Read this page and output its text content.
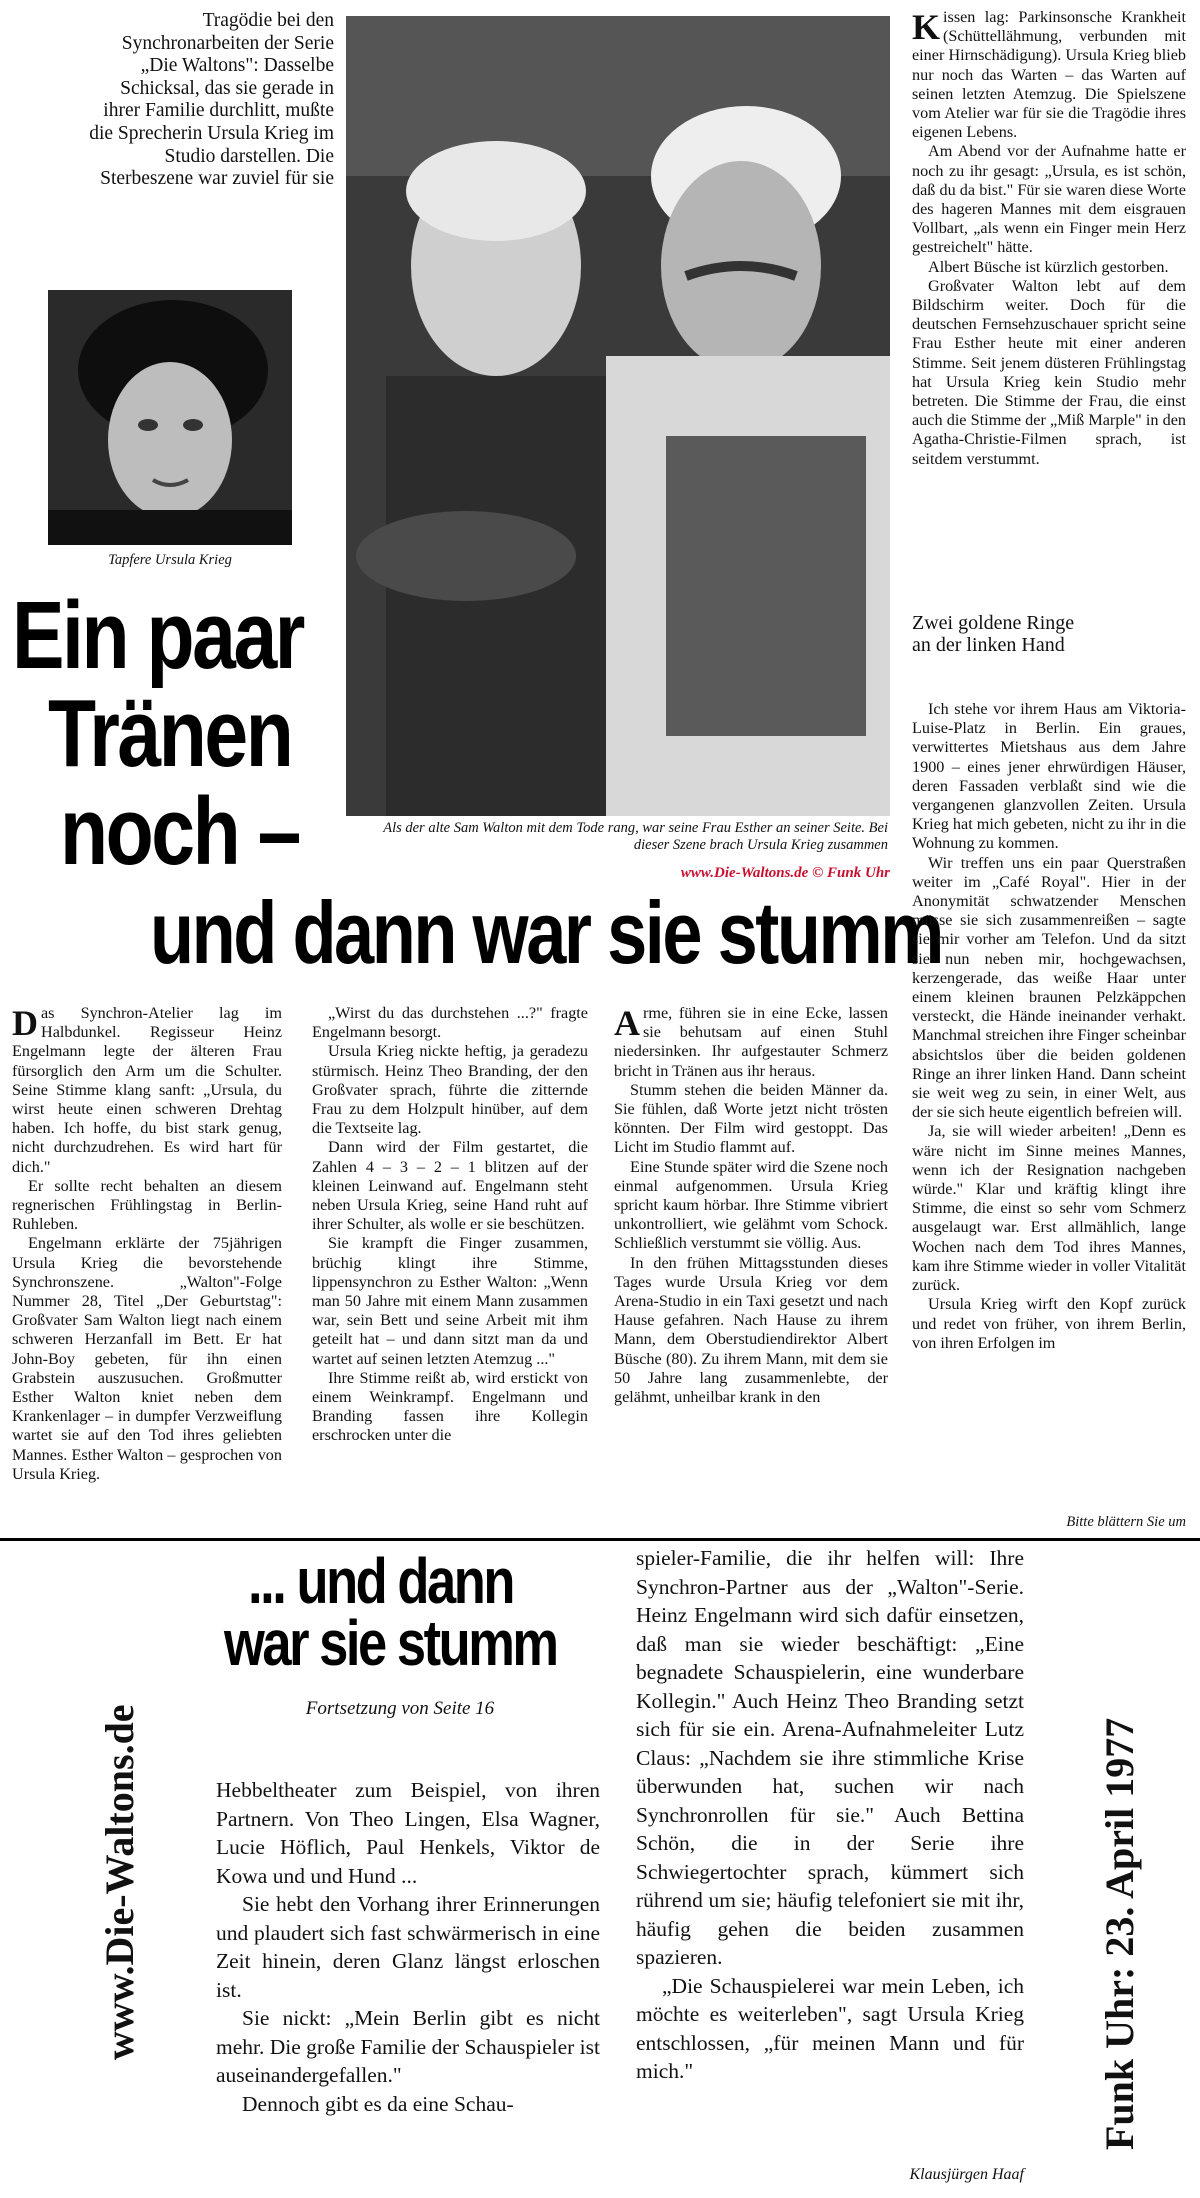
Tragödie bei den Synchronarbeiten der Serie „Die Waltons": Dasselbe Schicksal, das sie gerade in ihrer Familie durchlitt, mußte die Sprecherin Ursula Krieg im Studio darstellen. Die Sterbeszene war zuviel für sie
Tapfere Ursula Krieg
Als der alte Sam Walton mit dem Tode rang, war seine Frau Esther an seiner Seite. Bei dieser Szene brach Ursula Krieg zusammen
www.Die-Waltons.de © Funk Uhr
Ein paar
Tränen
noch –
und dann war sie stumm

Kissen lag: Parkinsonsche Krankheit (Schüttellähmung, verbunden mit einer Hirnschädigung). Ursula Krieg blieb nur noch das Warten – das Warten auf seinen letzten Atemzug. Die Spielszene vom Atelier war für sie die Tragödie ihres eigenen Lebens.

Am Abend vor der Aufnahme hatte er noch zu ihr gesagt: „Ursula, es ist schön, daß du da bist." Für sie waren diese Worte des hageren Mannes mit dem eisgrauen Vollbart, „als wenn ein Finger mein Herz gestreichelt" hätte.

Albert Büsche ist kürzlich gestorben.

Großvater Walton lebt auf dem Bildschirm weiter. Doch für die deutschen Fernsehzuschauer spricht seine Frau Esther heute mit einer anderen Stimme. Seit jenem düsteren Frühlingstag hat Ursula Krieg kein Studio mehr betreten. Die Stimme der Frau, die einst auch die Stimme der „Miß Marple" in den Agatha-Christie-Filmen sprach, ist seitdem verstummt.

Zwei goldene Ringe an der linken Hand

Ich stehe vor ihrem Haus am Viktoria-Luise-Platz in Berlin. Ein graues, verwittertes Mietshaus aus dem Jahre 1900 – eines jener ehrwürdigen Häuser, deren Fassaden verblaßt sind wie die vergangenen glanzvollen Zeiten. Ursula Krieg hat mich gebeten, nicht zu ihr in die Wohnung zu kommen.

Wir treffen uns ein paar Querstraßen weiter im „Café Royal". Hier in der Anonymität schwatzender Menschen müsse sie sich zusammenreißen – sagte sie mir vorher am Telefon. Und da sitzt sie nun neben mir, hochgewachsen, kerzengerade, das weiße Haar unter einem kleinen braunen Pelzkäppchen versteckt, die Hände ineinander verhakt. Manchmal streichen ihre Finger scheinbar absichtslos über die beiden goldenen Ringe an ihrer linken Hand. Dann scheint sie weit weg zu sein, in einer Welt, aus der sie sich heute eigentlich befreien will.

Ja, sie will wieder arbeiten! „Denn es wäre nicht im Sinne meines Mannes, wenn ich der Resignation nachgeben würde." Klar und kräftig klingt ihre Stimme, die einst so sehr vom Schmerz ausgelaugt war. Erst allmählich, lange Wochen nach dem Tod ihres Mannes, kam ihre Stimme wieder in voller Vitalität zurück.

Ursula Krieg wirft den Kopf zurück und redet von früher, von ihrem Berlin, von ihren Erfolgen im

Bitte blättern Sie um

Das Synchron-Atelier lag im Halbdunkel. Regisseur Heinz Engelmann legte der älteren Frau fürsorglich den Arm um die Schulter. Seine Stimme klang sanft: „Ursula, du wirst heute einen schweren Drehtag haben. Ich hoffe, du bist stark genug, nicht durchzudrehen. Es wird hart für dich."

Er sollte recht behalten an diesem regnerischen Frühlingstag in Berlin-Ruhleben.

Engelmann erklärte der 75jährigen Ursula Krieg die bevorstehende Synchronszene. „Walton"-Folge Nummer 28, Titel „Der Geburtstag": Großvater Sam Walton liegt nach einem schweren Herzanfall im Bett. Er hat John-Boy gebeten, für ihn einen Grabstein auszusuchen. Großmutter Esther Walton kniet neben dem Krankenlager – in dumpfer Verzweiflung wartet sie auf den Tod ihres geliebten Mannes. Esther Walton – gesprochen von Ursula Krieg.

„Wirst du das durchstehen ...?" fragte Engelmann besorgt.

Ursula Krieg nickte heftig, ja geradezu stürmisch. Heinz Theo Branding, der den Großvater sprach, führte die zitternde Frau zu dem Holzpult hinüber, auf dem die Textseite lag.

Dann wird der Film gestartet, die Zahlen 4 – 3 – 2 – 1 blitzen auf der kleinen Leinwand auf. Engelmann steht neben Ursula Krieg, seine Hand ruht auf ihrer Schulter, als wolle er sie beschützen.

Sie krampft die Finger zusammen, brüchig klingt ihre Stimme, lippensynchron zu Esther Walton: „Wenn man 50 Jahre mit einem Mann zusammen war, sein Bett und seine Arbeit mit ihm geteilt hat – und dann sitzt man da und wartet auf seinen letzten Atemzug ..."

Ihre Stimme reißt ab, wird erstickt von einem Weinkrampf. Engelmann und Branding fassen ihre Kollegin erschrocken unter die

Arme, führen sie in eine Ecke, lassen sie behutsam auf einen Stuhl niedersinken. Ihr aufgestauter Schmerz bricht in Tränen aus ihr heraus.

Stumm stehen die beiden Männer da. Sie fühlen, daß Worte jetzt nicht trösten könnten. Der Film wird gestoppt. Das Licht im Studio flammt auf.

Eine Stunde später wird die Szene noch einmal aufgenommen. Ursula Krieg spricht kaum hörbar. Ihre Stimme vibriert unkontrolliert, wie gelähmt vom Schock. Schließlich verstummt sie völlig. Aus.

In den frühen Mittagsstunden dieses Tages wurde Ursula Krieg vor dem Arena-Studio in ein Taxi gesetzt und nach Hause gefahren. Nach Hause zu ihrem Mann, dem Oberstudiendirektor Albert Büsche (80). Zu ihrem Mann, mit dem sie 50 Jahre lang zusammenlebte, der gelähmt, unheilbar krank in den

... und dann
war sie stumm
Fortsetzung von Seite 16

Hebbeltheater zum Beispiel, von ihren Partnern. Von Theo Lingen, Elsa Wagner, Lucie Höflich, Paul Henkels, Viktor de Kowa und und Hund ...

Sie hebt den Vorhang ihrer Erinnerungen und plaudert sich fast schwärmerisch in eine Zeit hinein, deren Glanz längst erloschen ist.

Sie nickt: „Mein Berlin gibt es nicht mehr. Die große Familie der Schauspieler ist auseinandergefallen."

Dennoch gibt es da eine Schau-

spieler-Familie, die ihr helfen will: Ihre Synchron-Partner aus der „Walton"-Serie. Heinz Engelmann wird sich dafür einsetzen, daß man sie wieder beschäftigt: „Eine begnadete Schauspielerin, eine wunderbare Kollegin." Auch Heinz Theo Branding setzt sich für sie ein. Arena-Aufnahmeleiter Lutz Claus: „Nachdem sie ihre stimmliche Krise überwunden hat, suchen wir nach Synchronrollen für sie." Auch Bettina Schön, die in der Serie ihre Schwiegertochter sprach, kümmert sich rührend um sie; häufig telefoniert sie mit ihr, häufig gehen die beiden zusammen spazieren.

„Die Schauspielerei war mein Leben, ich möchte es weiterleben", sagt Ursula Krieg entschlossen, „für meinen Mann und für mich."

Klausjürgen Haaf
www.Die-Waltons.de	Funk Uhr: 23. April 1977
